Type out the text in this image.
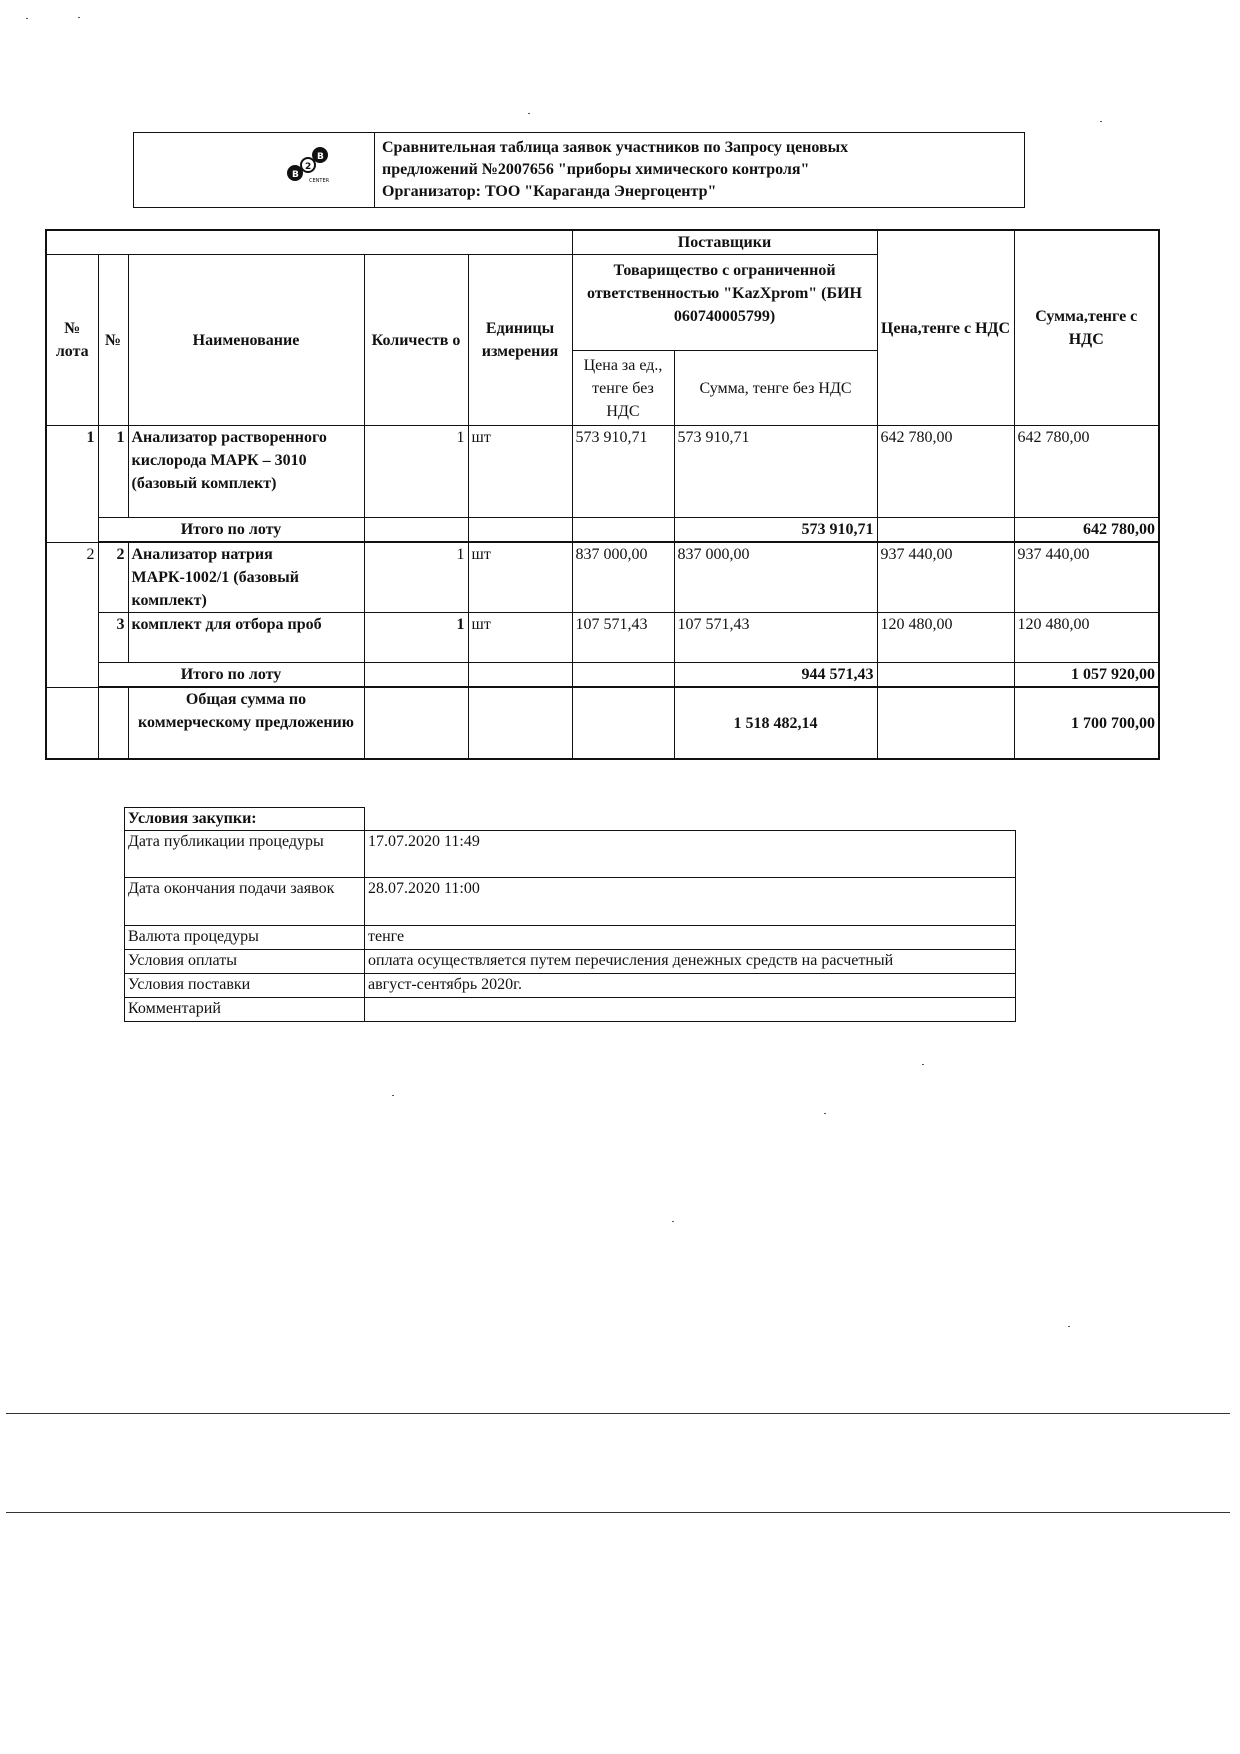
B
2
B
CENTER
Сравнительная таблица заявок участников по Запросу ценовых
предложений №2007656 "приборы химического контроля"
Организатор: ТОО "Караганда Энергоцентр"
					Поставщики		Цена,тенге с НДС	Сумма,тенге с НДС
№ лота	№	Наименование	Количеств о	Единицы измерения	Товарищество с ограниченной ответственностью "KazXprom" (БИН 060740005799)			
					Цена за ед., тенге без НДС	Сумма, тенге без НДС		
1	1	Анализатор растворенного кислорода МАРК – 3010 (базовый комплект)	1	шт	573 910,71	573 910,71	642 780,00	642 780,00
	Итого по лоту					573 910,71		642 780,00
2	2	Анализатор натрия МАРК-1002/1 (базовый комплект)	1	шт	837 000,00	837 000,00	937 440,00	937 440,00
	3	комплект для отбора проб	1	шт	107 571,43	107 571,43	120 480,00	120 480,00
	Итого по лоту					944 571,43		1 057 920,00
		Общая сумма по коммерческому предложению				1 518 482,14		1 700 700,00
Условия закупки:	
Дата публикации процедуры	17.07.2020 11:49
Дата окончания подачи заявок	28.07.2020 11:00
Валюта процедуры	тенге
Условия оплаты	оплата осуществляется путем перечисления денежных средств на расчетный
Условия поставки	август-сентябрь 2020г.
Комментарий	
